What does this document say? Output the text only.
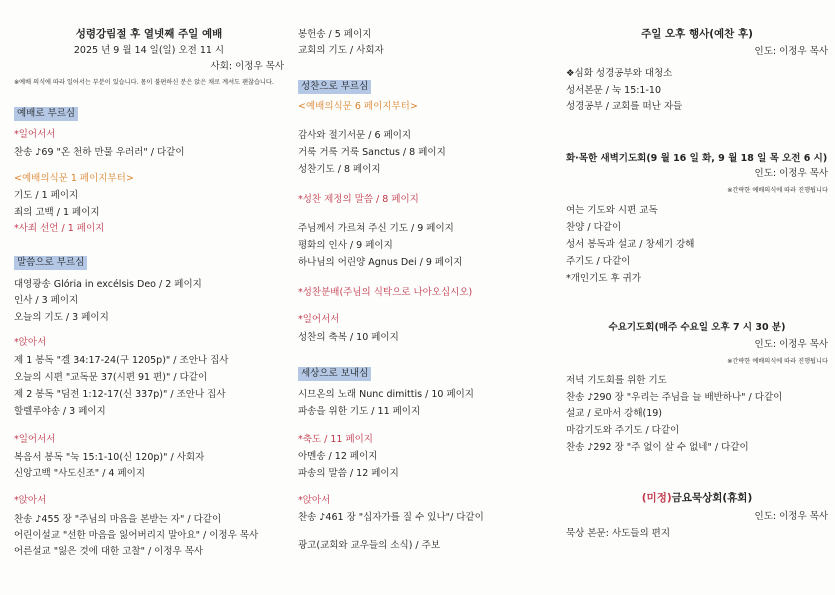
성령강림절 후 열넷째 주일 예배
2025 년 9 월 14 일(일) 오전 11 시
사회: 이정우 목사
※예배 의식에 따라 일어서는 부분이 있습니다. 몸이 불편하신 분은 앉은 채로 계셔도 괜찮습니다.
예배로 부르심
*일어서서
찬송 ♪69 "온 천하 만물 우러러" / 다같이
<예배의식문 1 페이지부터>
기도 / 1 페이지
죄의 고백 / 1 페이지
*사죄 선언 / 1 페이지
말씀으로 부르심
대영광송 Glória in excélsis Deo / 2 페이지
인사 / 3 페이지
오늘의 기도 / 3 페이지
*앉아서
제 1 봉독 "겔 34:17-24(구 1205p)" / 조안나 집사
오늘의 시편 "교독문 37(시편 91 편)" / 다같이
제 2 봉독 "딤전 1:12-17(신 337p)" / 조안나 집사
할렐루야송 / 3 페이지
*일어서서
복음서 봉독 "눅 15:1-10(신 120p)" / 사회자
신앙고백 "사도신조" / 4 페이지
*앉아서
찬송 ♪455 장 "주님의 마음을 본받는 자" / 다같이
어린이설교 "선한 마음을 잃어버리지 말아요" / 이정우 목사
어른설교 "잃은 것에 대한 고찰" / 이정우 목사
봉헌송 / 5 페이지
교회의 기도 / 사회자
성찬으로 부르심
<예배의식문 6 페이지부터>
감사와 절기서문 / 6 페이지
거룩 거룩 거룩 Sanctus / 8 페이지
성찬기도 / 8 페이지
*성찬 제정의 말씀 / 8 페이지
주님께서 가르쳐 주신 기도 / 9 페이지
평화의 인사 / 9 페이지
하나님의 어린양 Agnus Dei / 9 페이지
*성찬분배(주님의 식탁으로 나아오십시오)
*일어서서
성찬의 축복 / 10 페이지
세상으로 보내심
시므온의 노래 Nunc dimittis / 10 페이지
파송을 위한 기도 / 11 페이지
*축도 / 11 페이지
아멘송 / 12 페이지
파송의 말씀 / 12 페이지
*앉아서
찬송 ♪461 장 "십자가를 질 수 있나"/ 다같이
광고(교회와 교우들의 소식) / 주보
주일 오후 행사(예찬 후)
인도: 이정우 목사
❖심화 성경공부와 대청소
성서본문 / 눅 15:1-10
성경공부 / 교회를 떠난 자들
화·목한 새벽기도회(9 월 16 일 화, 9 월 18 일 목 오전 6 시)
인도: 이정우 목사
※간략한 예배의식에 따라 진행됩니다
여는 기도와 시편 교독
찬양 / 다같이
성서 봉독과 설교 / 창세기 강해
주기도 / 다같이
*개인기도 후 귀가
수요기도회(매주 수요일 오후 7 시 30 분)
인도: 이정우 목사
※간략한 예배의식에 따라 진행됩니다
저녁 기도회를 위한 기도
찬송 ♪290 장 "우리는 주님을 늘 배반하나" / 다같이
설교 / 로마서 강해(19)
마감기도와 주기도 / 다같이
찬송 ♪292 장 "주 없이 살 수 없네" / 다같이
(미정)금요묵상회(휴회)
인도: 이정우 목사
묵상 본문: 사도들의 편지
